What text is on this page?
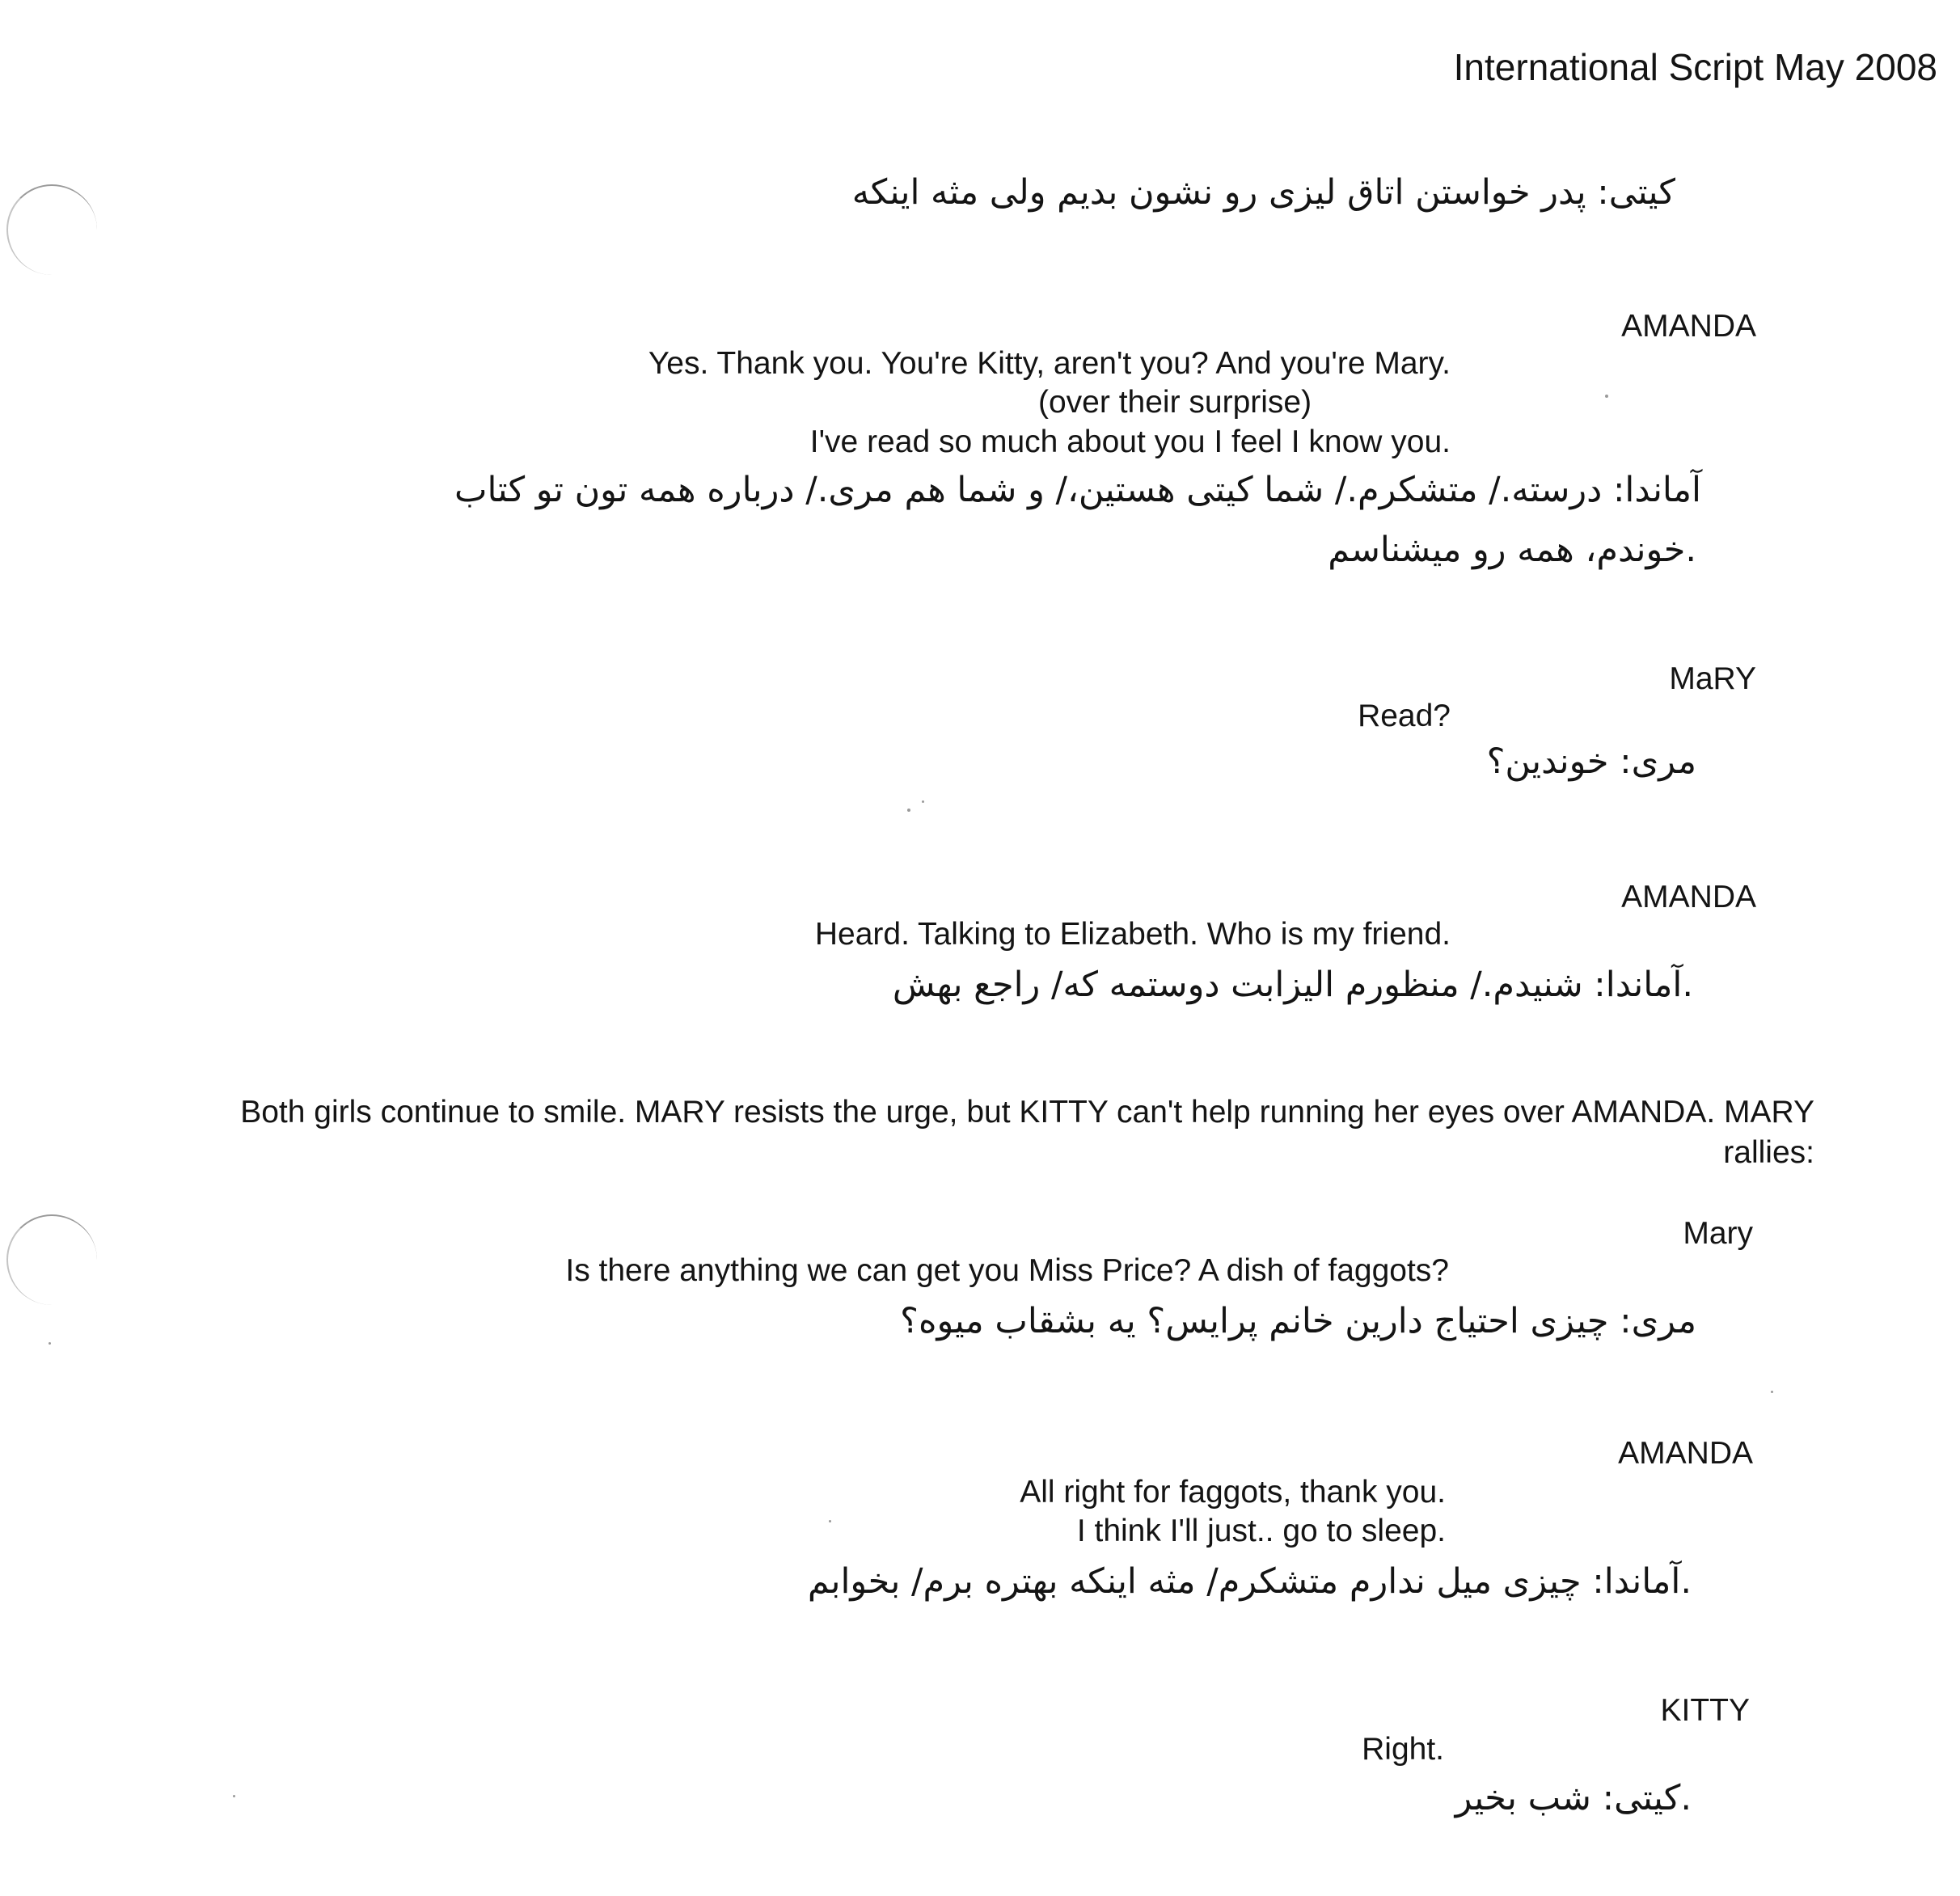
International Script May 2008
کیتی: پدر خواستن اتاق لیزی رو نشون بدیم ولی مثه اینکه
AMANDA
Yes. Thank you. You're Kitty, aren't you? And you're Mary.
(over their surprise)
I've read so much about you I feel I know you.
آماندا: درسته./ متشکرم./ شما کیتی هستین،/ و شما هم مری./ درباره همه تون تو کتاب
.خوندم، همه رو میشناسم
MaRY
Read?
مری: خوندین؟
AMANDA
Heard. Talking to Elizabeth. Who is my friend.
.آماندا: شنیدم./ منظورم الیزابت دوستمه که/ راجع بهش
Both girls continue to smile. MARY resists the urge, but KITTY can't help running her eyes over AMANDA. MARY
rallies:
Mary
Is there anything we can get you Miss Price? A dish of faggots?
مری: چیزی احتیاج دارین خانم پرایس؟ یه بشقاب میوه؟
AMANDA
All right for faggots, thank you.
I think I'll just.. go to sleep.
.آماندا: چیزی میل ندارم متشکرم/ مثه اینکه بهتره برم/ بخوابم
KITTY
Right.
.کیتی: شب بخیر
